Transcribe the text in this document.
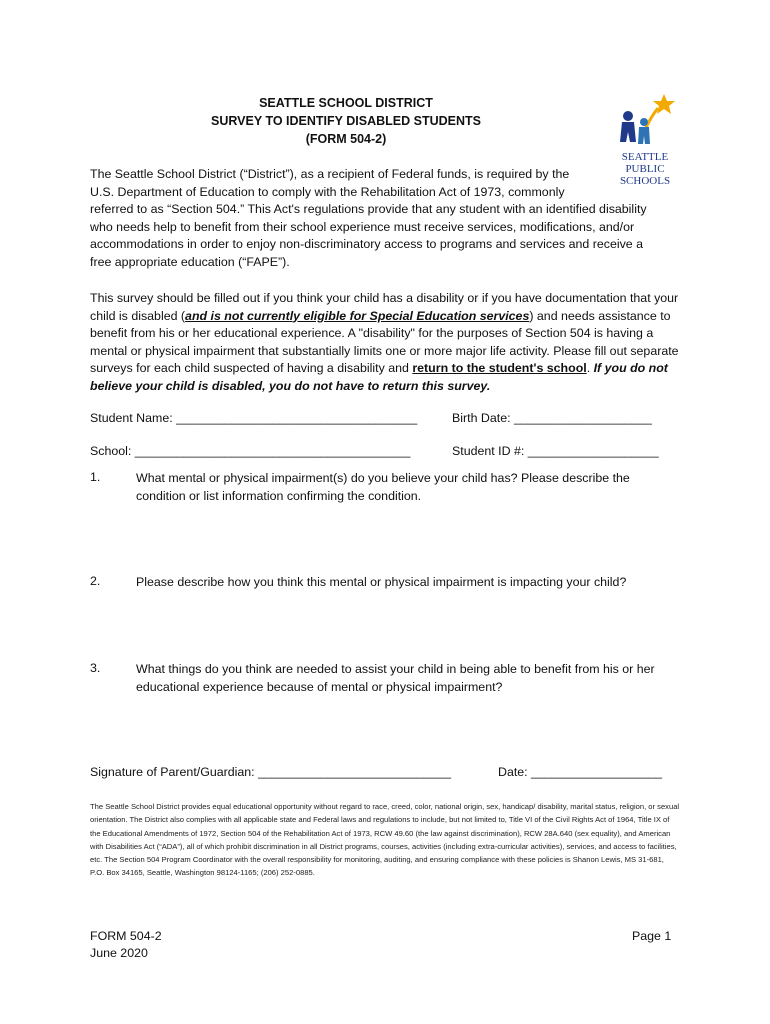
SEATTLE SCHOOL DISTRICT
SURVEY TO IDENTIFY DISABLED STUDENTS
(FORM 504-2)
SEATTLE
PUBLIC
SCHOOLS
The Seattle School District (“District”), as a recipient of Federal funds, is required by the
U.S. Department of Education to comply with the Rehabilitation Act of 1973, commonly
referred to as “Section 504.” This Act's regulations provide that any student with an identified disability
who needs help to benefit from their school experience must receive services, modifications, and/or
accommodations in order to enjoy non-discriminatory access to programs and services and receive a
free appropriate education (“FAPE”).
This survey should be filled out if you think your child has a disability or if you have documentation that your child is disabled (and is not currently eligible for Special Education services) and needs assistance to benefit from his or her educational experience. A "disability" for the purposes of Section 504 is having a mental or physical impairment that substantially limits one or more major life activity. Please fill out separate surveys for each child suspected of having a disability and return to the student's school. If you do not believe your child is disabled, you do not have to return this survey.
Student Name: ___________________________________	Birth Date: ____________________
School: ________________________________________	Student ID #: ___________________
1.	What mental or physical impairment(s) do you believe your child has? Please describe the condition or list information confirming the condition.
2.	Please describe how you think this mental or physical impairment is impacting your child?
3.	What things do you think are needed to assist your child in being able to benefit from his or her educational experience because of mental or physical impairment?
Signature of Parent/Guardian: ____________________________	Date: ___________________
The Seattle School District provides equal educational opportunity without regard to race, creed, color, national origin, sex, handicap/ disability, marital status, religion, or sexual orientation. The District also complies with all applicable state and Federal laws and regulations to include, but not limited to, Title VI of the Civil Rights Act of 1964, Title IX of the Educational Amendments of 1972, Section 504 of the Rehabilitation Act of 1973, RCW 49.60 (the law against discrimination), RCW 28A.640 (sex equality), and American with Disabilities Act (“ADA”), all of which prohibit discrimination in all District programs, courses, activities (including extra-curricular activities), services, and access to facilities, etc. The Section 504 Program Coordinator with the overall responsibility for monitoring, auditing, and ensuring compliance with these policies is Shanon Lewis, MS 31-681, P.O. Box 34165, Seattle, Washington 98124-1165; (206) 252-0885.
FORM 504-2
June 2020
Page 1
